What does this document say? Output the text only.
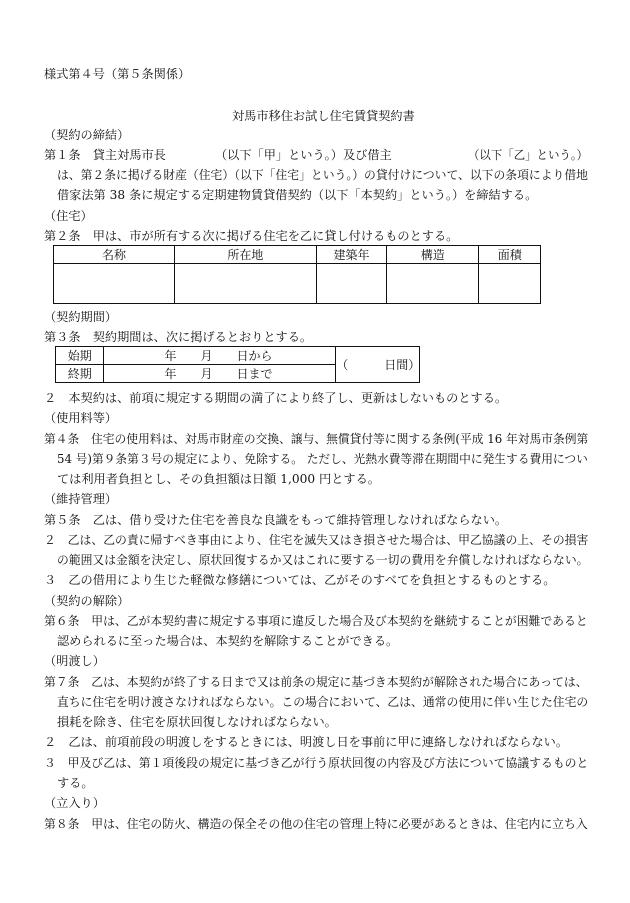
様式第４号（第５条関係）
対馬市移住お試し住宅賃貸契約書
（契約の締結）
第１条　貸主対馬市長	（以下「甲」という。）及び借主	（以下「乙」という。）
は、第２条に掲げる財産（住宅）（以下「住宅」という。）の貸付けについて、以下の条項により借地
借家法第 38 条に規定する定期建物賃貸借契約（以下「本契約」という。）を締結する。
（住宅）
第２条　甲は、市が所有する次に掲げる住宅を乙に貸し付けるものとする。
名称	所在地	建築年	構造	面積

（契約期間）
第３条　契約期間は、次に掲げるとおりとする。
始期	年　　月　　日から	（　　　日間）
終期	年　　月　　日まで	
２　本契約は、前項に規定する期間の満了により終了し、更新はしないものとする。
（使用料等）
第４条　住宅の使用料は、対馬市財産の交換、譲与、無償貸付等に関する条例(平成 16 年対馬市条例第
54 号)第９条第３号の規定により、免除する。 ただし、光熱水費等滞在期間中に発生する費用につい
ては利用者負担とし、その負担額は日額 1,000 円とする。
（維持管理）
第５条　乙は、借り受けた住宅を善良な良識をもって維持管理しなければならない。
２　乙は、乙の責に帰すべき事由により、住宅を滅失又はき損させた場合は、甲乙協議の上、その損害
の範囲又は金額を決定し、原状回復するか又はこれに要する一切の費用を弁償しなければならない。
３　乙の借用により生じた軽微な修繕については、乙がそのすべてを負担とするものとする。
（契約の解除）
第６条　甲は、乙が本契約書に規定する事項に違反した場合及び本契約を継続することが困難であると
認められるに至った場合は、本契約を解除することができる。
（明渡し）
第７条　乙は、本契約が終了する日まで又は前条の規定に基づき本契約が解除された場合にあっては、
直ちに住宅を明け渡さなければならない。この場合において、乙は、通常の使用に伴い生じた住宅の
損耗を除き、住宅を原状回復しなければならない。
２　乙は、前項前段の明渡しをするときには、明渡し日を事前に甲に連絡しなければならない。
３　甲及び乙は、第１項後段の規定に基づき乙が行う原状回復の内容及び方法について協議するものと
する。
（立入り）
第８条　甲は、住宅の防火、構造の保全その他の住宅の管理上特に必要があるときは、住宅内に立ち入
